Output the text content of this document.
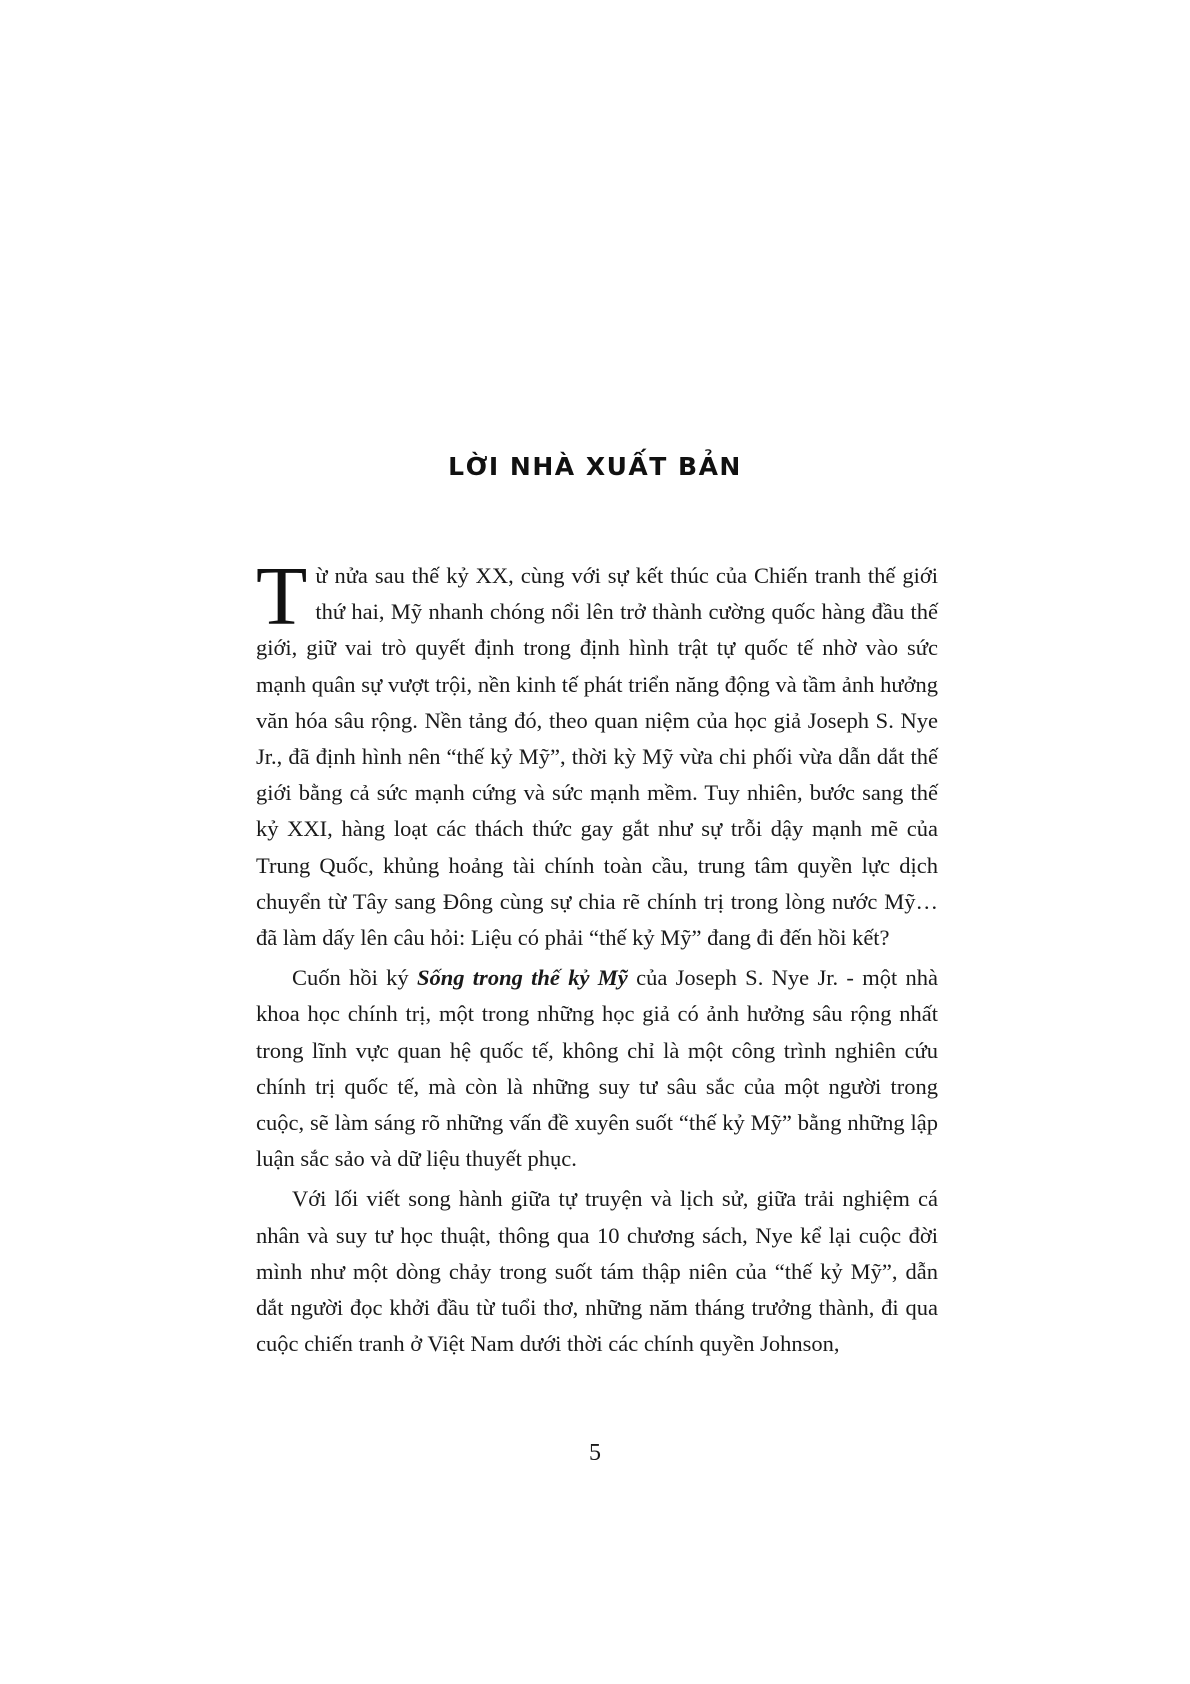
LỜI NHÀ XUẤT BẢN

Từ nửa sau thế kỷ XX, cùng với sự kết thúc của Chiến tranh thế giới thứ hai, Mỹ nhanh chóng nổi lên trở thành cường quốc hàng đầu thế giới, giữ vai trò quyết định trong định hình trật tự quốc tế nhờ vào sức mạnh quân sự vượt trội, nền kinh tế phát triển năng động và tầm ảnh hưởng văn hóa sâu rộng. Nền tảng đó, theo quan niệm của học giả Joseph S. Nye Jr., đã định hình nên “thế kỷ Mỹ”, thời kỳ Mỹ vừa chi phối vừa dẫn dắt thế giới bằng cả sức mạnh cứng và sức mạnh mềm. Tuy nhiên, bước sang thế kỷ XXI, hàng loạt các thách thức gay gắt như sự trỗi dậy mạnh mẽ của Trung Quốc, khủng hoảng tài chính toàn cầu, trung tâm quyền lực dịch chuyển từ Tây sang Đông cùng sự chia rẽ chính trị trong lòng nước Mỹ… đã làm dấy lên câu hỏi: Liệu có phải “thế kỷ Mỹ” đang đi đến hồi kết?

Cuốn hồi ký Sống trong thế kỷ Mỹ của Joseph S. Nye Jr. - một nhà khoa học chính trị, một trong những học giả có ảnh hưởng sâu rộng nhất trong lĩnh vực quan hệ quốc tế, không chỉ là một công trình nghiên cứu chính trị quốc tế, mà còn là những suy tư sâu sắc của một người trong cuộc, sẽ làm sáng rõ những vấn đề xuyên suốt “thế kỷ Mỹ” bằng những lập luận sắc sảo và dữ liệu thuyết phục.

Với lối viết song hành giữa tự truyện và lịch sử, giữa trải nghiệm cá nhân và suy tư học thuật, thông qua 10 chương sách, Nye kể lại cuộc đời mình như một dòng chảy trong suốt tám thập niên của “thế kỷ Mỹ”, dẫn dắt người đọc khởi đầu từ tuổi thơ, những năm tháng trưởng thành, đi qua cuộc chiến tranh ở Việt Nam dưới thời các chính quyền Johnson,

5
